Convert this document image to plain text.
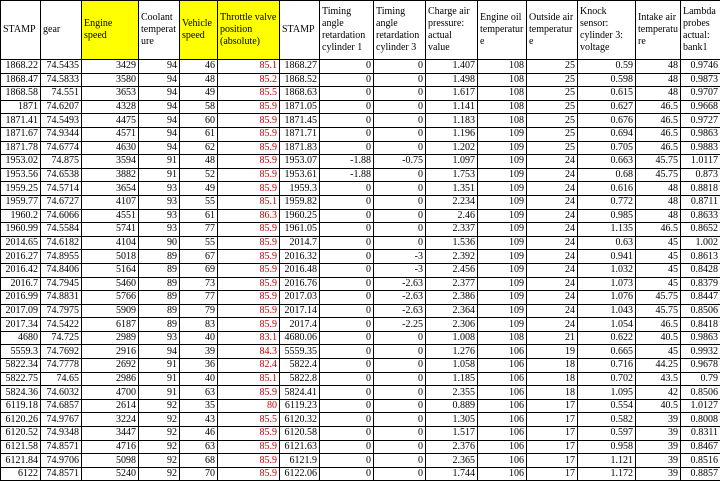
STAMP	gear	Engine speed	Coolant temperature	Vehicle speed	Throttle valve position (absolute)	STAMP	Timing angle retardation cylinder 1	Timing angle retardation cylinder 3	Charge air pressure: actual value	Engine oil temperature	Outside air temperature	Knock sensor: cylinder 3: voltage	Intake air temperature	Lambda probes actual: bank1
1868.22	74.5435	3429	94	46	85.1	1868.27	0	0	1.407	108	25	0.59	48	0.9746
1868.47	74.5833	3580	94	48	85.2	1868.52	0	0	1.498	108	25	0.598	48	0.9873
1868.58	74.551	3653	94	49	85.5	1868.63	0	0	1.617	108	25	0.615	48	0.9707
1871	74.6207	4328	94	58	85.9	1871.05	0	0	1.141	108	25	0.627	46.5	0.9668
1871.41	74.5493	4475	94	60	85.9	1871.45	0	0	1.183	108	25	0.676	46.5	0.9727
1871.67	74.9344	4571	94	61	85.9	1871.71	0	0	1.196	109	25	0.694	46.5	0.9863
1871.78	74.6774	4630	94	62	85.9	1871.83	0	0	1.202	109	25	0.705	46.5	0.9883
1953.02	74.875	3594	91	48	85.9	1953.07	-1.88	-0.75	1.097	109	24	0.663	45.75	1.0117
1953.56	74.6538	3882	91	52	85.9	1953.61	-1.88	0	1.753	109	24	0.68	45.75	0.873
1959.25	74.5714	3654	93	49	85.9	1959.3	0	0	1.351	109	24	0.616	48	0.8818
1959.77	74.6727	4107	93	55	85.1	1959.82	0	0	2.234	109	24	0.772	48	0.8711
1960.2	74.6066	4551	93	61	86.3	1960.25	0	0	2.46	109	24	0.985	48	0.8633
1960.99	74.5584	5741	93	77	85.9	1961.05	0	0	2.337	109	24	1.135	46.5	0.8652
2014.65	74.6182	4104	90	55	85.9	2014.7	0	0	1.536	109	24	0.63	45	1.002
2016.27	74.8955	5018	89	67	85.9	2016.32	0	-3	2.392	109	24	0.941	45	0.8613
2016.42	74.8406	5164	89	69	85.9	2016.48	0	-3	2.456	109	24	1.032	45	0.8428
2016.7	74.7945	5460	89	73	85.9	2016.76	0	-2.63	2.377	109	24	1.073	45	0.8379
2016.99	74.8831	5766	89	77	85.9	2017.03	0	-2.63	2.386	109	24	1.076	45.75	0.8447
2017.09	74.7975	5909	89	79	85.9	2017.14	0	-2.63	2.364	109	24	1.043	45.75	0.8506
2017.34	74.5422	6187	89	83	85.9	2017.4	0	-2.25	2.306	109	24	1.054	46.5	0.8418
4680	74.725	2989	93	40	83.1	4680.06	0	0	1.008	108	21	0.622	40.5	0.9863
5559.3	74.7692	2916	94	39	84.3	5559.35	0	0	1.276	106	19	0.665	45	0.9932
5822.34	74.7778	2692	91	36	82.4	5822.4	0	0	1.058	106	18	0.716	44.25	0.9678
5822.75	74.65	2986	91	40	85.1	5822.8	0	0	1.185	106	18	0.702	43.5	0.79
5824.36	74.6032	4700	91	63	85.9	5824.41	0	0	2.355	106	18	1.095	42	0.8506
6119.18	74.6857	2614	92	35	80	6119.23	0	0	0.889	106	17	0.554	40.5	1.0127
6120.26	74.9767	3224	92	43	85.5	6120.32	0	0	1.305	106	17	0.582	39	0.8008
6120.52	74.9348	3447	92	46	85.9	6120.58	0	0	1.517	106	17	0.597	39	0.8311
6121.58	74.8571	4716	92	63	85.9	6121.63	0	0	2.376	106	17	0.958	39	0.8467
6121.84	74.9706	5098	92	68	85.9	6121.9	0	0	2.365	106	17	1.121	39	0.8516
6122	74.8571	5240	92	70	85.9	6122.06	0	0	1.744	106	17	1.172	39	0.8857
